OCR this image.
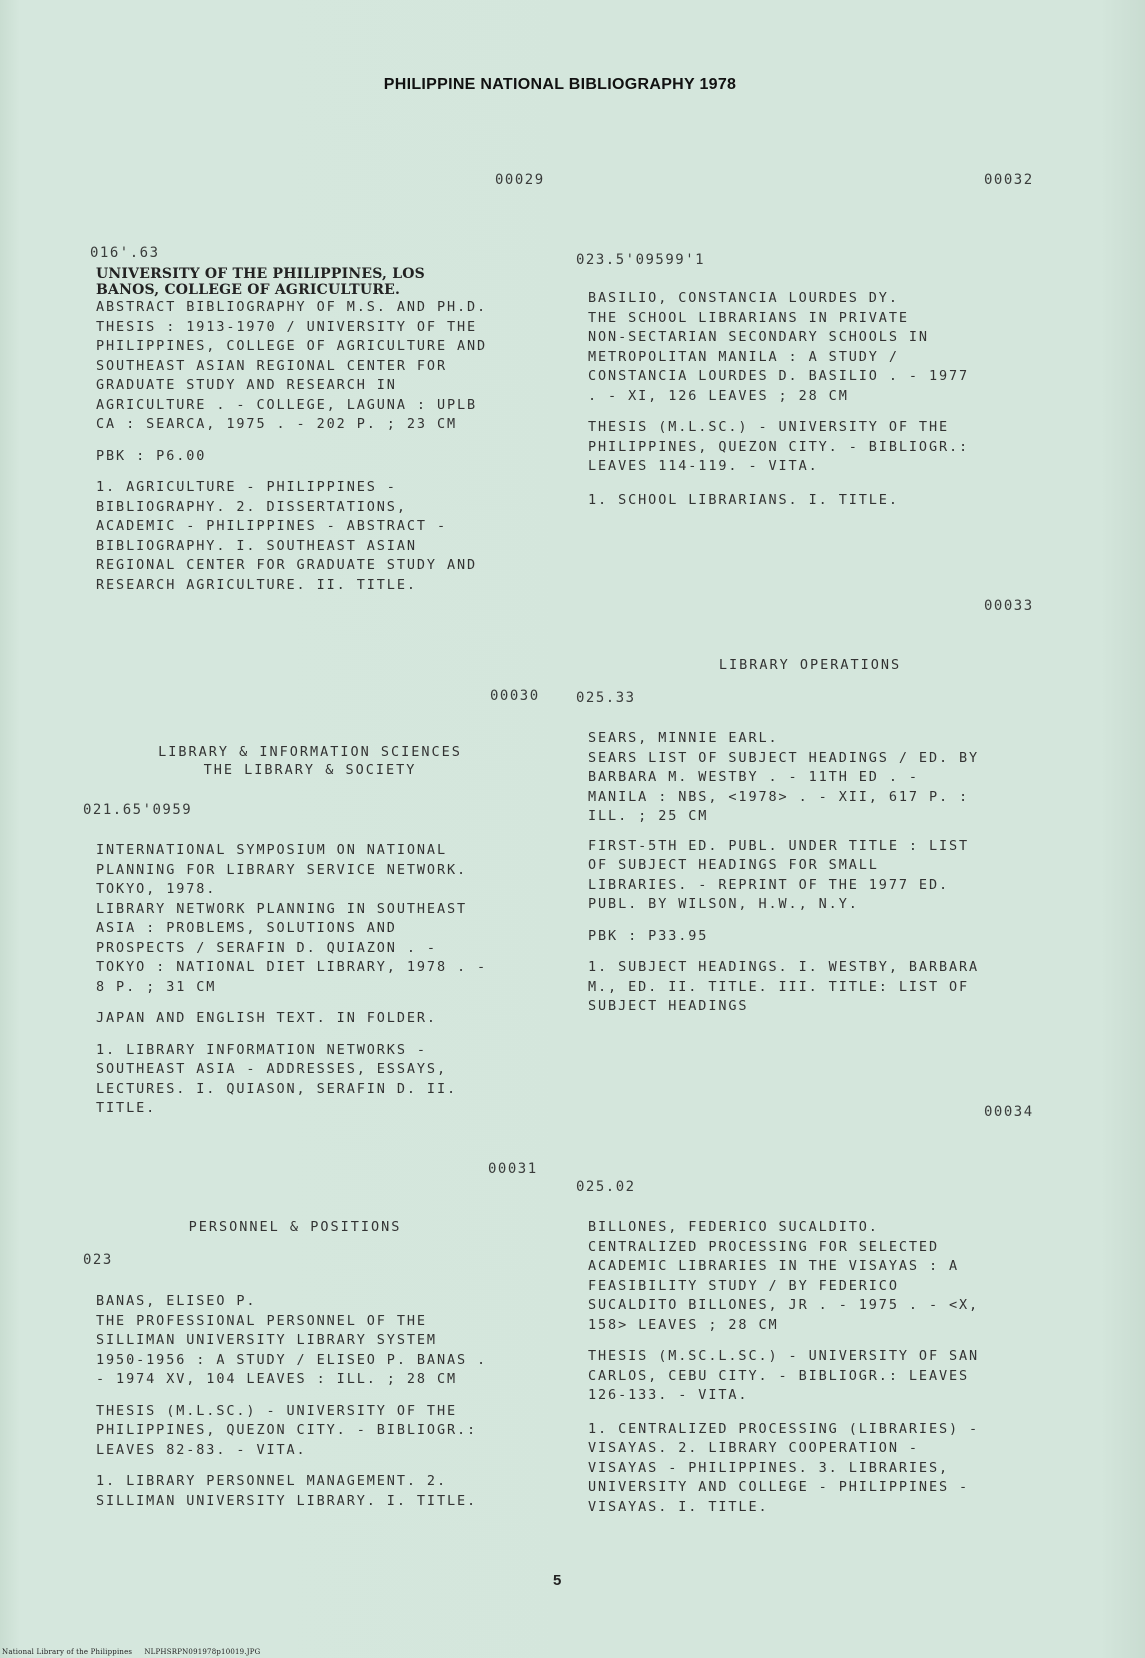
PHILIPPINE NATIONAL BIBLIOGRAPHY 1978
00029
016'.63
UNIVERSITY OF THE PHILIPPINES, LOS
BANOS, COLLEGE OF AGRICULTURE.
ABSTRACT BIBLIOGRAPHY OF M.S. AND PH.D.
THESIS : 1913-1970 / UNIVERSITY OF THE
PHILIPPINES, COLLEGE OF AGRICULTURE AND
SOUTHEAST ASIAN REGIONAL CENTER FOR
GRADUATE STUDY AND RESEARCH IN
AGRICULTURE . - COLLEGE, LAGUNA : UPLB
CA : SEARCA, 1975 . - 202 P. ; 23 CM
PBK : P6.00
1. AGRICULTURE - PHILIPPINES -
BIBLIOGRAPHY. 2. DISSERTATIONS,
ACADEMIC - PHILIPPINES - ABSTRACT -
BIBLIOGRAPHY. I. SOUTHEAST ASIAN
REGIONAL CENTER FOR GRADUATE STUDY AND
RESEARCH AGRICULTURE. II. TITLE.
00030
LIBRARY & INFORMATION SCIENCES
THE LIBRARY & SOCIETY
021.65'0959
INTERNATIONAL SYMPOSIUM ON NATIONAL
PLANNING FOR LIBRARY SERVICE NETWORK.
TOKYO, 1978.
LIBRARY NETWORK PLANNING IN SOUTHEAST
ASIA : PROBLEMS, SOLUTIONS AND
PROSPECTS / SERAFIN D. QUIAZON . -
TOKYO : NATIONAL DIET LIBRARY, 1978 . -
8 P. ; 31 CM
JAPAN AND ENGLISH TEXT. IN FOLDER.
1. LIBRARY INFORMATION NETWORKS -
SOUTHEAST ASIA - ADDRESSES, ESSAYS,
LECTURES. I. QUIASON, SERAFIN D. II.
TITLE.
00031
PERSONNEL & POSITIONS
023
BANAS, ELISEO P.
THE PROFESSIONAL PERSONNEL OF THE
SILLIMAN UNIVERSITY LIBRARY SYSTEM
1950-1956 : A STUDY / ELISEO P. BANAS .
- 1974 XV, 104 LEAVES : ILL. ; 28 CM
THESIS (M.L.SC.) - UNIVERSITY OF THE
PHILIPPINES, QUEZON CITY. - BIBLIOGR.:
LEAVES 82-83. - VITA.
1. LIBRARY PERSONNEL MANAGEMENT. 2.
SILLIMAN UNIVERSITY LIBRARY. I. TITLE.
00032
023.5'09599'1
BASILIO, CONSTANCIA LOURDES DY.
THE SCHOOL LIBRARIANS IN PRIVATE
NON-SECTARIAN SECONDARY SCHOOLS IN
METROPOLITAN MANILA : A STUDY /
CONSTANCIA LOURDES D. BASILIO . - 1977
. - XI, 126 LEAVES ; 28 CM
THESIS (M.L.SC.) - UNIVERSITY OF THE
PHILIPPINES, QUEZON CITY. - BIBLIOGR.:
LEAVES 114-119. - VITA.
1. SCHOOL LIBRARIANS. I. TITLE.
00033
LIBRARY OPERATIONS
025.33
SEARS, MINNIE EARL.
SEARS LIST OF SUBJECT HEADINGS / ED. BY
BARBARA M. WESTBY . - 11TH ED . -
MANILA : NBS, <1978> . - XII, 617 P. :
ILL. ; 25 CM
FIRST-5TH ED. PUBL. UNDER TITLE : LIST
OF SUBJECT HEADINGS FOR SMALL
LIBRARIES. - REPRINT OF THE 1977 ED.
PUBL. BY WILSON, H.W., N.Y.
PBK : P33.95
1. SUBJECT HEADINGS. I. WESTBY, BARBARA
M., ED. II. TITLE. III. TITLE: LIST OF
SUBJECT HEADINGS
00034
025.02
BILLONES, FEDERICO SUCALDITO.
CENTRALIZED PROCESSING FOR SELECTED
ACADEMIC LIBRARIES IN THE VISAYAS : A
FEASIBILITY STUDY / BY FEDERICO
SUCALDITO BILLONES, JR . - 1975 . - <X,
158> LEAVES ; 28 CM
THESIS (M.SC.L.SC.) - UNIVERSITY OF SAN
CARLOS, CEBU CITY. - BIBLIOGR.: LEAVES
126-133. - VITA.
1. CENTRALIZED PROCESSING (LIBRARIES) -
VISAYAS. 2. LIBRARY COOPERATION -
VISAYAS - PHILIPPINES. 3. LIBRARIES,
UNIVERSITY AND COLLEGE - PHILIPPINES -
VISAYAS. I. TITLE.
5
National Library of the Philippines     NLPHSRPN091978p10019.JPG
